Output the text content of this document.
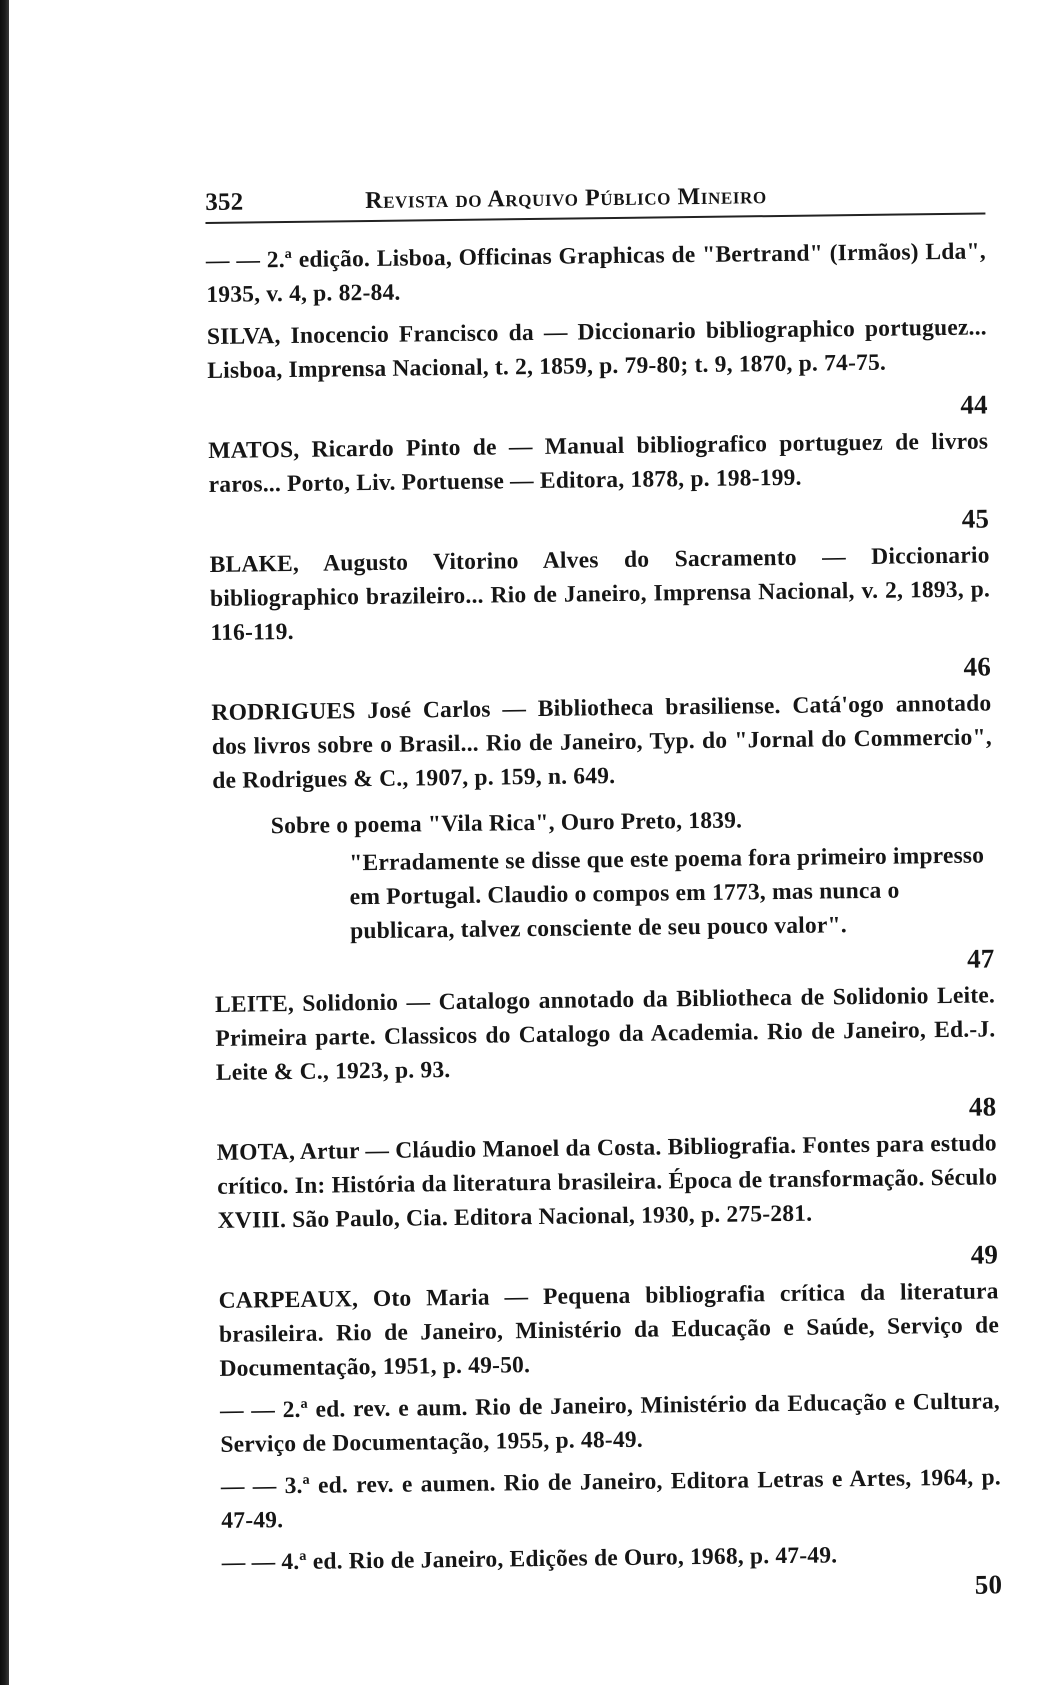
352	Revista do Arquivo Público Mineiro

— — 2.ª edição. Lisboa, Officinas Graphicas de "Bertrand" (Irmãos) Lda", 1935, v. 4, p. 82-84.

SILVA, Inocencio Francisco da — Diccionario bibliographico portuguez... Lisboa, Imprensa Nacional, t. 2, 1859, p. 79-80; t. 9, 1870, p. 74-75.

44

MATOS, Ricardo Pinto de — Manual bibliografico portuguez de livros raros... Porto, Liv. Portuense — Editora, 1878, p. 198-199.

45

BLAKE, Augusto Vitorino Alves do Sacramento — Diccionario bibliographico brazileiro... Rio de Janeiro, Imprensa Nacional, v. 2, 1893, p. 116-119.

46

RODRIGUES José Carlos — Bibliotheca brasiliense. Catá'ogo annotado dos livros sobre o Brasil... Rio de Janeiro, Typ. do "Jornal do Commercio", de Rodrigues & C., 1907, p. 159, n. 649.

Sobre o poema "Vila Rica", Ouro Preto, 1839.

"Erradamente se disse que este poema fora primeiro impresso em Portugal. Claudio o compos em 1773, mas nunca o publicara, talvez consciente de seu pouco valor".

47

LEITE, Solidonio — Catalogo annotado da Bibliotheca de Solidonio Leite. Primeira parte. Classicos do Catalogo da Academia. Rio de Janeiro, Ed.-J. Leite & C., 1923, p. 93.

48

MOTA, Artur — Cláudio Manoel da Costa. Bibliografia. Fontes para estudo crítico. In: História da literatura brasileira. Época de transformação. Século XVIII. São Paulo, Cia. Editora Nacional, 1930, p. 275-281.

49

CARPEAUX, Oto Maria — Pequena bibliografia crítica da literatura brasileira. Rio de Janeiro, Ministério da Educação e Saúde, Serviço de Documentação, 1951, p. 49-50.

— — 2.ª ed. rev. e aum. Rio de Janeiro, Ministério da Educação e Cultura, Serviço de Documentação, 1955, p. 48-49.

— — 3.ª ed. rev. e aumen. Rio de Janeiro, Editora Letras e Artes, 1964, p. 47-49.

— — 4.ª ed. Rio de Janeiro, Edições de Ouro, 1968, p. 47-49.

50
